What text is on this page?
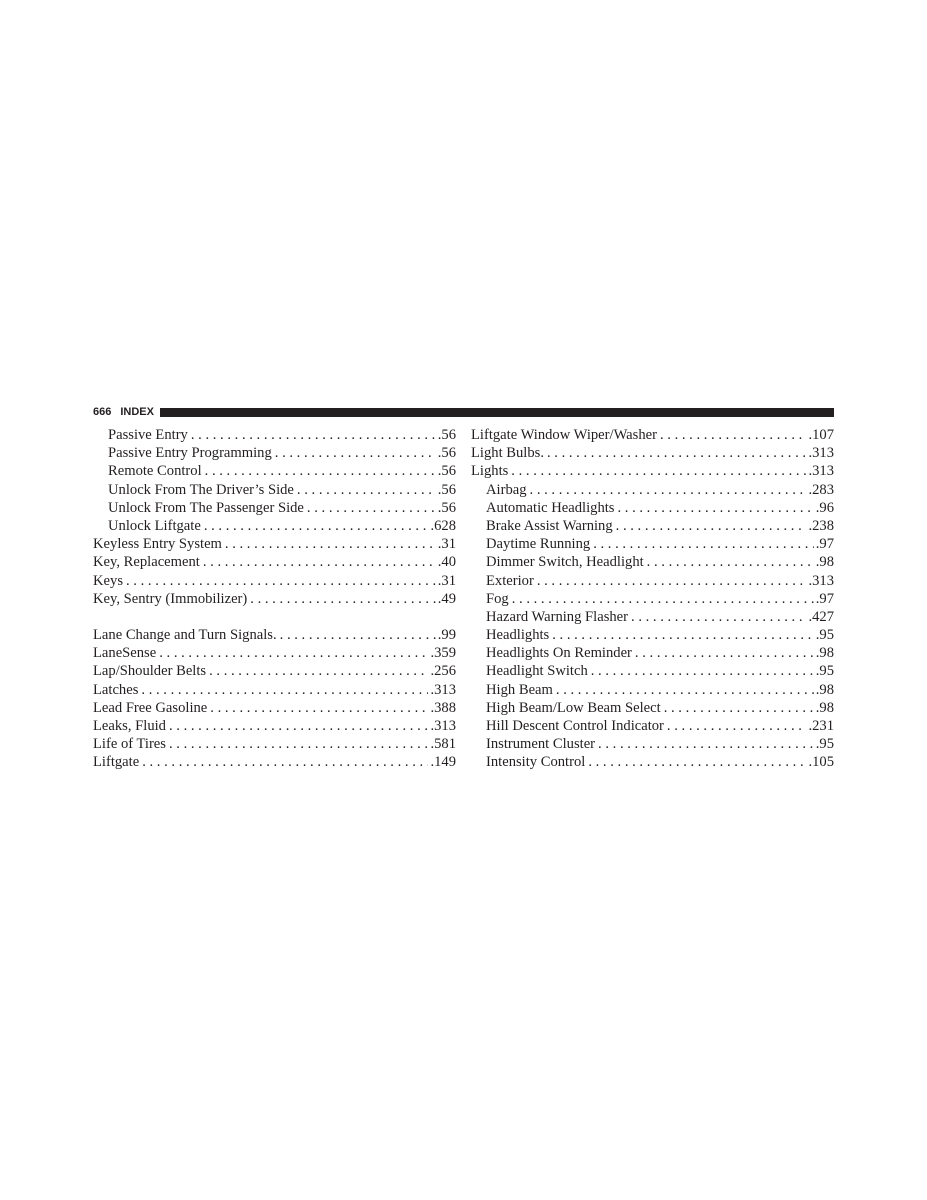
666 INDEX
Passive Entry . . .	.56
Passive Entry Programming . . .	.56
Remote Control . . .	.56
Unlock From The Driver’s Side . . .	.56
Unlock From The Passenger Side . . .	.56
Unlock Liftgate . . .	.628
Keyless Entry System . . .	.31
Key, Replacement . . .	.40
Keys . . .	.31
Key, Sentry (Immobilizer) . . .	.49
Lane Change and Turn Signals. . . .	.99
LaneSense . . .	.359
Lap/Shoulder Belts . . .	.256
Latches . . .	.313
Lead Free Gasoline . . .	.388
Leaks, Fluid . . .	.313
Life of Tires . . .	.581
Liftgate . . .	.149
Liftgate Window Wiper/Washer . . .	.107
Light Bulbs. . . .	.313
Lights . . .	.313
Airbag . . .	.283
Automatic Headlights . . .	.96
Brake Assist Warning . . .	.238
Daytime Running . . .	.97
Dimmer Switch, Headlight . . .	.98
Exterior . . .	.313
Fog . . .	.97
Hazard Warning Flasher . . .	.427
Headlights . . .	.95
Headlights On Reminder . . .	.98
Headlight Switch . . .	.95
High Beam . . .	.98
High Beam/Low Beam Select . . .	.98
Hill Descent Control Indicator . . .	.231
Instrument Cluster . . .	.95
Intensity Control . . .	.105
